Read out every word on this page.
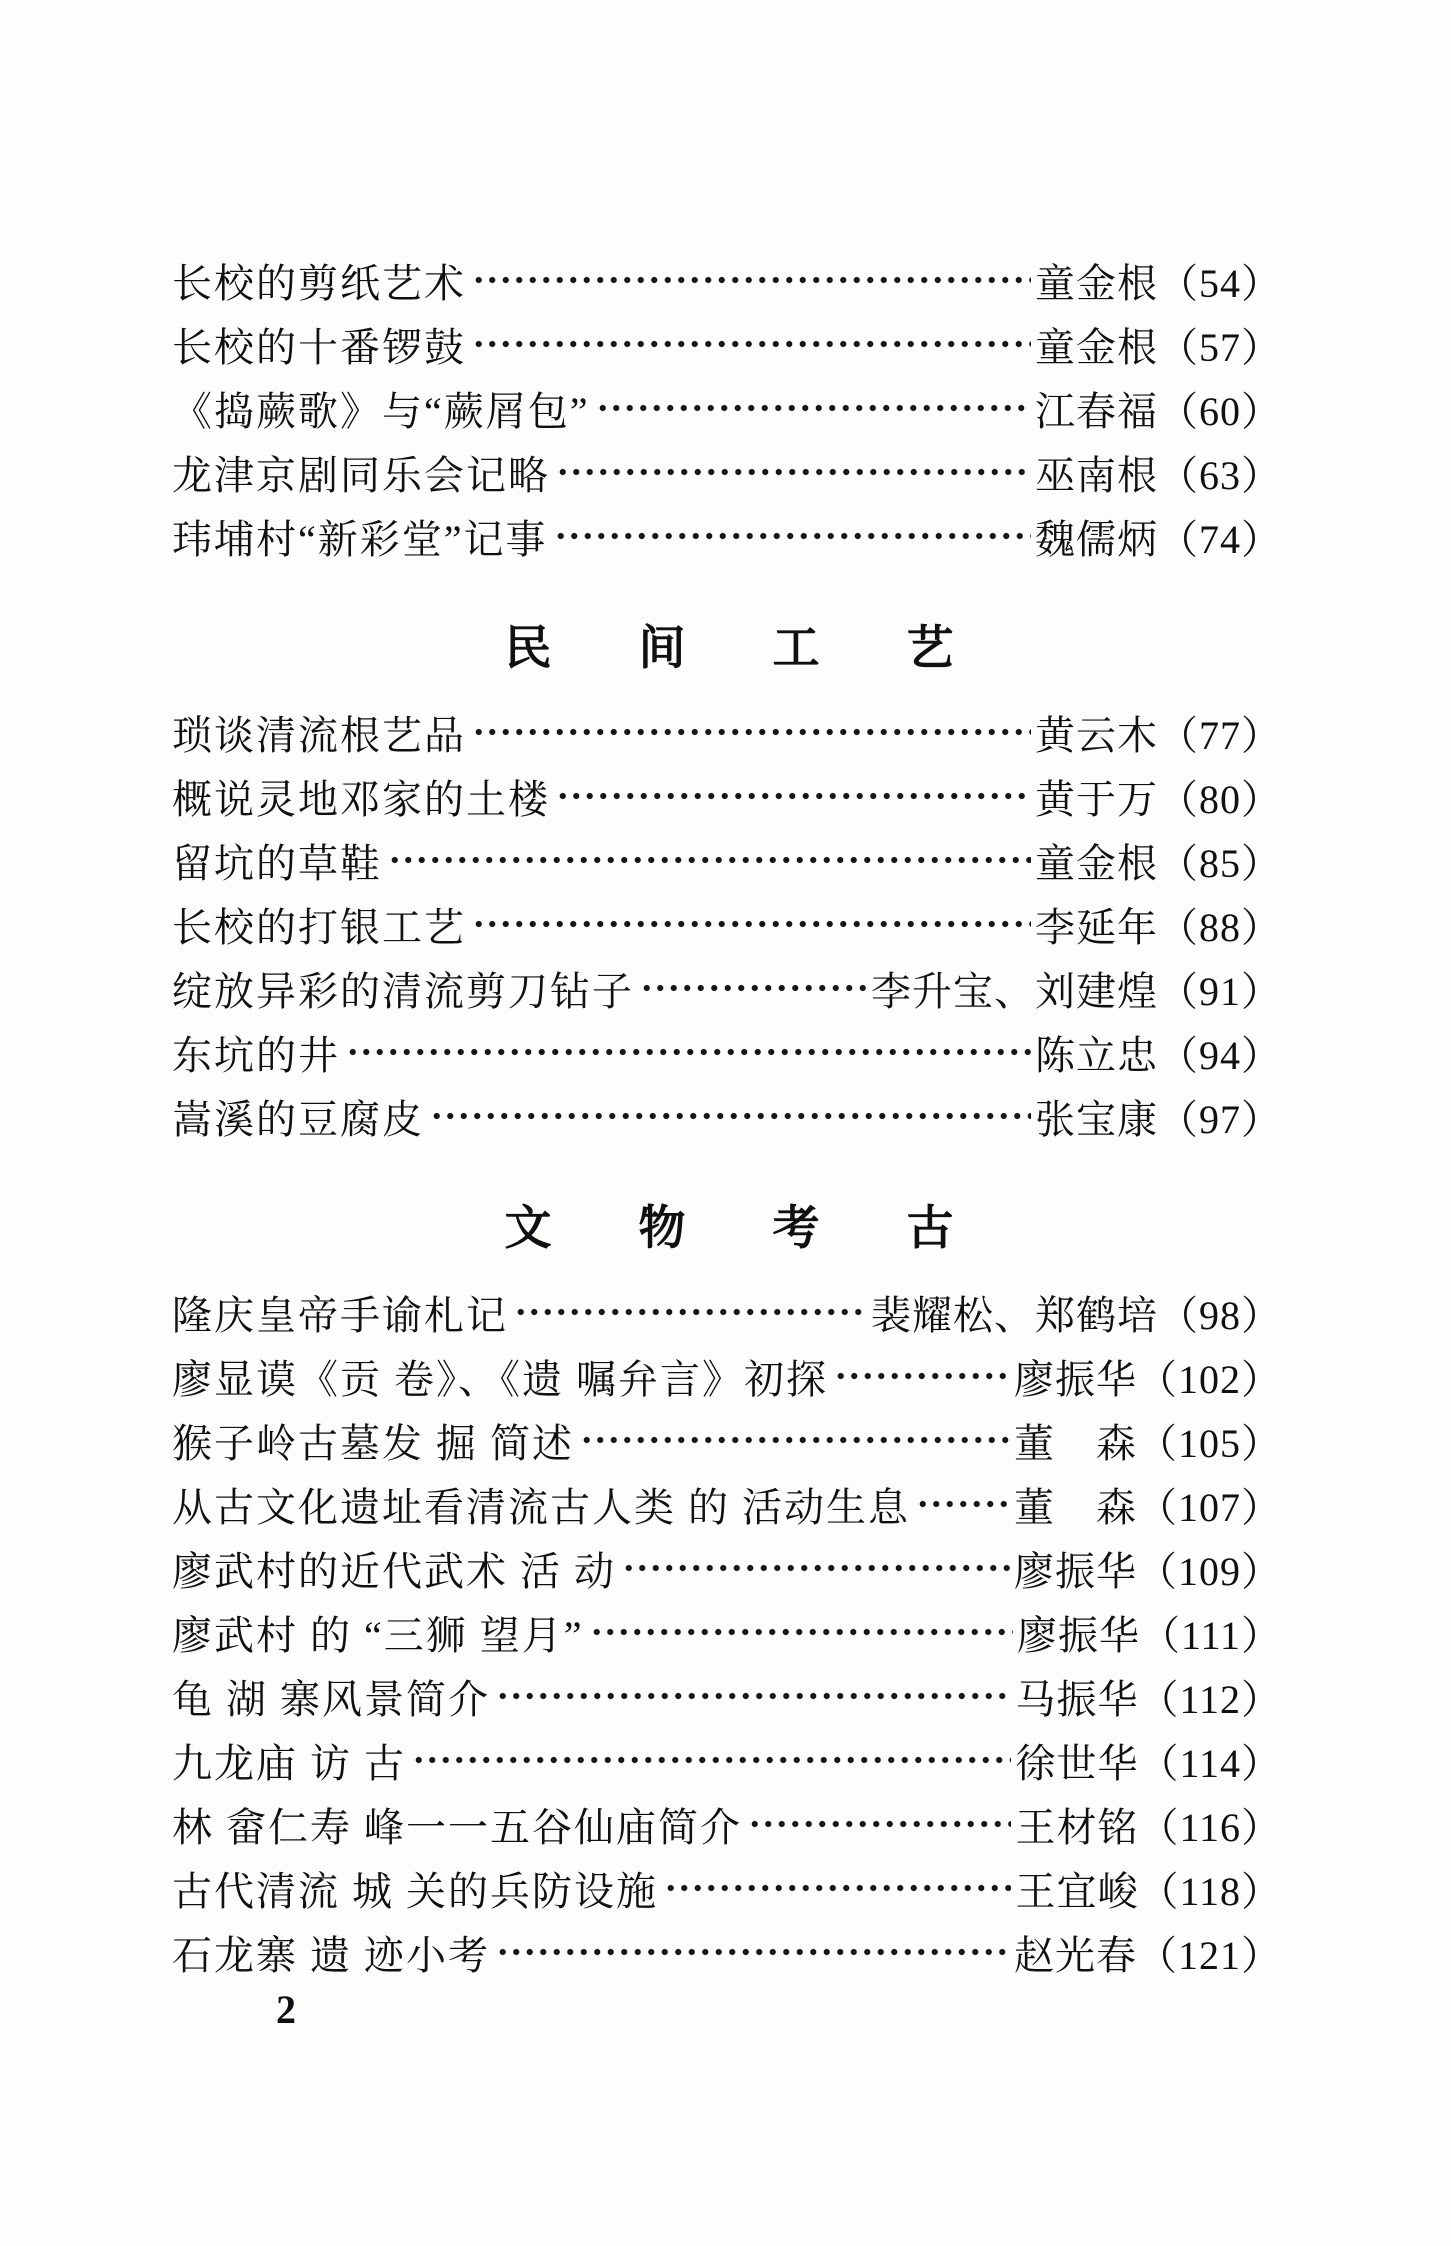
长校的剪纸艺术	童金根（54）
长校的十番锣鼓	童金根（57）
《捣蕨歌》与“蕨屑包”	江春福（60）
龙津京剧同乐会记略	巫南根（63）
玮埔村“新彩堂”记事	魏儒炳（74）
民　间　工　艺
琐谈清流根艺品	黄云木（77）
概说灵地邓家的土楼	黄于万（80）
留坑的草鞋	童金根（85）
长校的打银工艺	李延年（88）
绽放异彩的清流剪刀钻子	李升宝、刘建煌（91）
东坑的井	陈立忠（94）
嵩溪的豆腐皮	张宝康（97）
文　物　考　古
隆庆皇帝手谕札记	裴耀松、郑鹤培（98）
廖显谟《贡 卷》、《遗 嘱弁言》初探	廖振华（102）
猴子岭古墓发 掘 简述	董　森（105）
从古文化遗址看清流古人类 的 活动生息	董　森（107）
廖武村的近代武术 活 动	廖振华（109）
廖武村 的 “三狮 望月”	廖振华（111）
龟 湖 寨风景简介	马振华（112）
九龙庙 访 古	徐世华（114）
林 畲仁寿 峰一一五谷仙庙简介	王材铭（116）
古代清流 城 关的兵防设施	王宜峻（118）
石龙寨 遗 迹小考	赵光春（121）
2
